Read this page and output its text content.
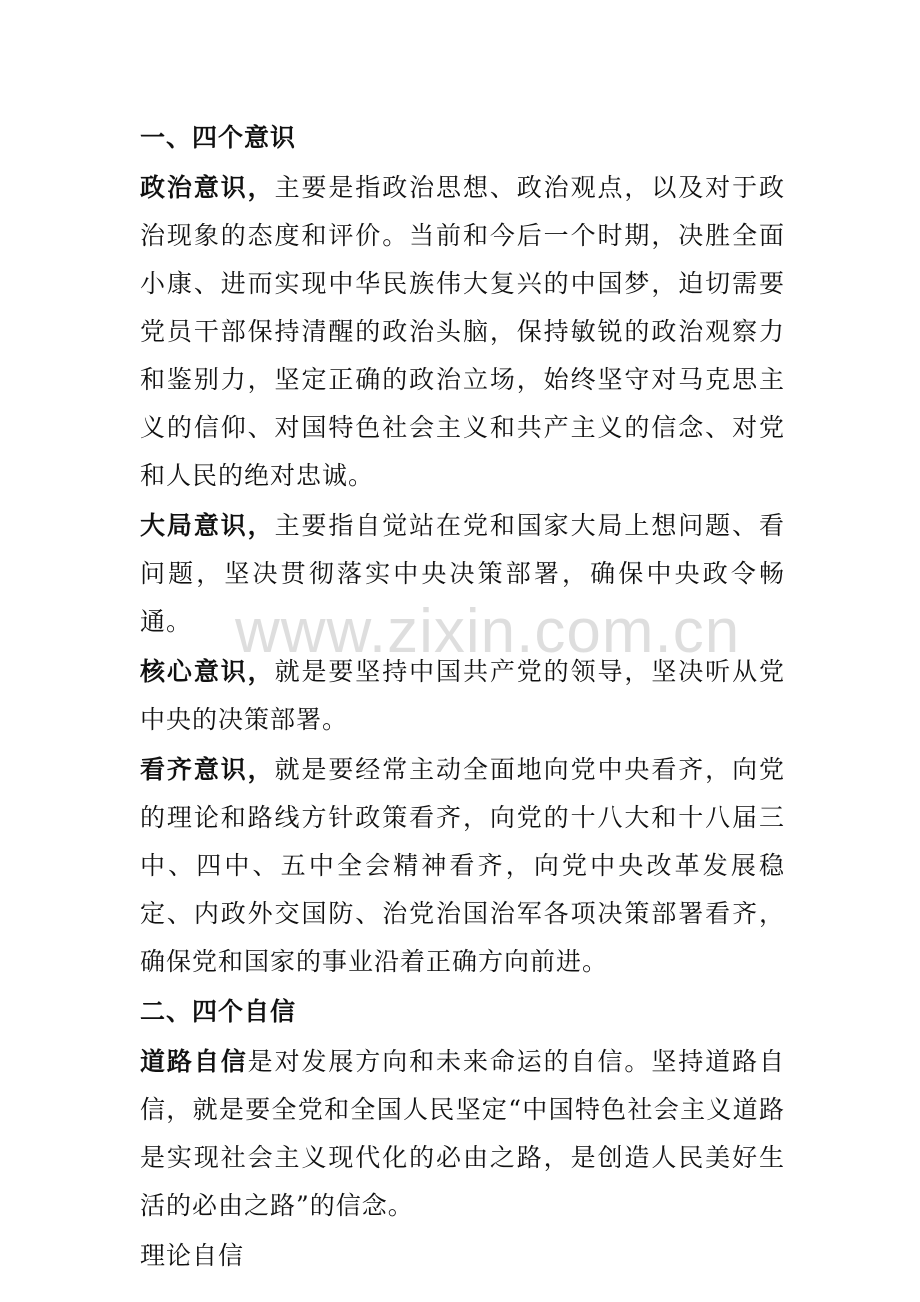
www.zixin.com.cn

一、四个意识

政治意识，主要是指政治思想、政治观点，以及对于政治现象的态度和评价。当前和今后一个时期，决胜全面小康、进而实现中华民族伟大复兴的中国梦，迫切需要党员干部保持清醒的政治头脑，保持敏锐的政治观察力和鉴别力，坚定正确的政治立场，始终坚守对马克思主义的信仰、对国特色社会主义和共产主义的信念、对党和人民的绝对忠诚。

大局意识，主要指自觉站在党和国家大局上想问题、看问题，坚决贯彻落实中央决策部署，确保中央政令畅通。

核心意识，就是要坚持中国共产党的领导，坚决听从党中央的决策部署。

看齐意识，就是要经常主动全面地向党中央看齐，向党的理论和路线方针政策看齐，向党的十八大和十八届三中、四中、五中全会精神看齐，向党中央改革发展稳定、内政外交国防、治党治国治军各项决策部署看齐，确保党和国家的事业沿着正确方向前进。

二、四个自信

道路自信是对发展方向和未来命运的自信。坚持道路自信，就是要全党和全国人民坚定“中国特色社会主义道路是实现社会主义现代化的必由之路，是创造人民美好生活的必由之路”的信念。

理论自信
